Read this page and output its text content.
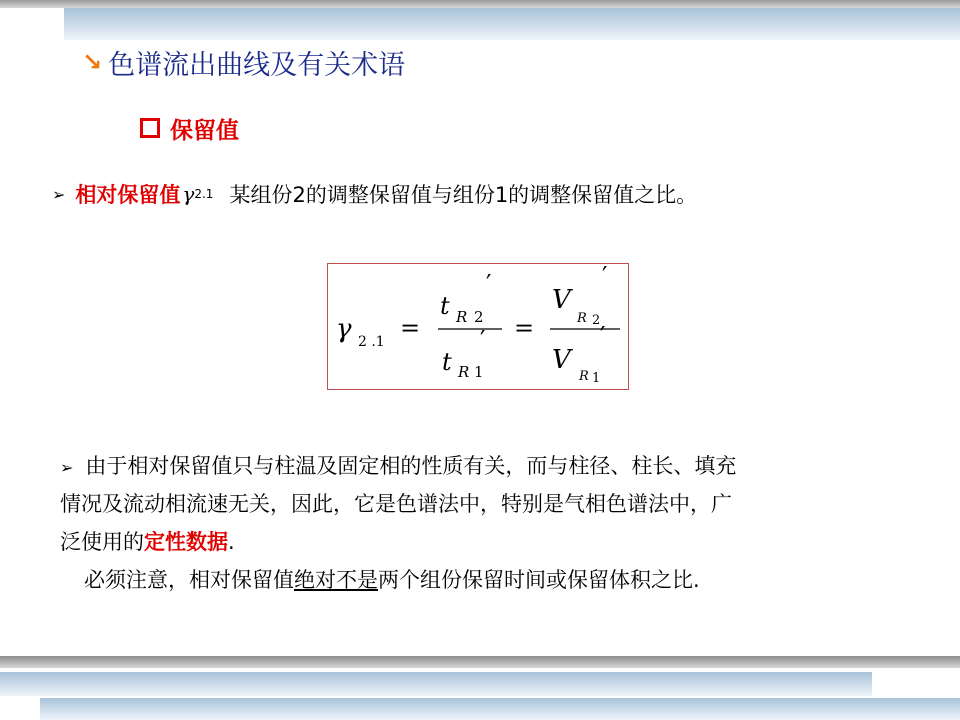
↘ 色谱流出曲线及有关术语
保留值
➢ 相对保留值 γ 2.1 某组份2的调整保留值与组份1的调整保留值之比。
γ 2 .1 =
t R 2
′
t R 1
′ =
V
R 2
′
V
R 1
′
➢ 由于相对保留值只与柱温及固定相的性质有关，而与柱径、柱长、填充
情况及流动相流速无关，因此，它是色谱法中，特别是气相色谱法中，广
泛使用的定性数据.
必须注意，相对保留值绝对不是两个组份保留时间或保留体积之比.
